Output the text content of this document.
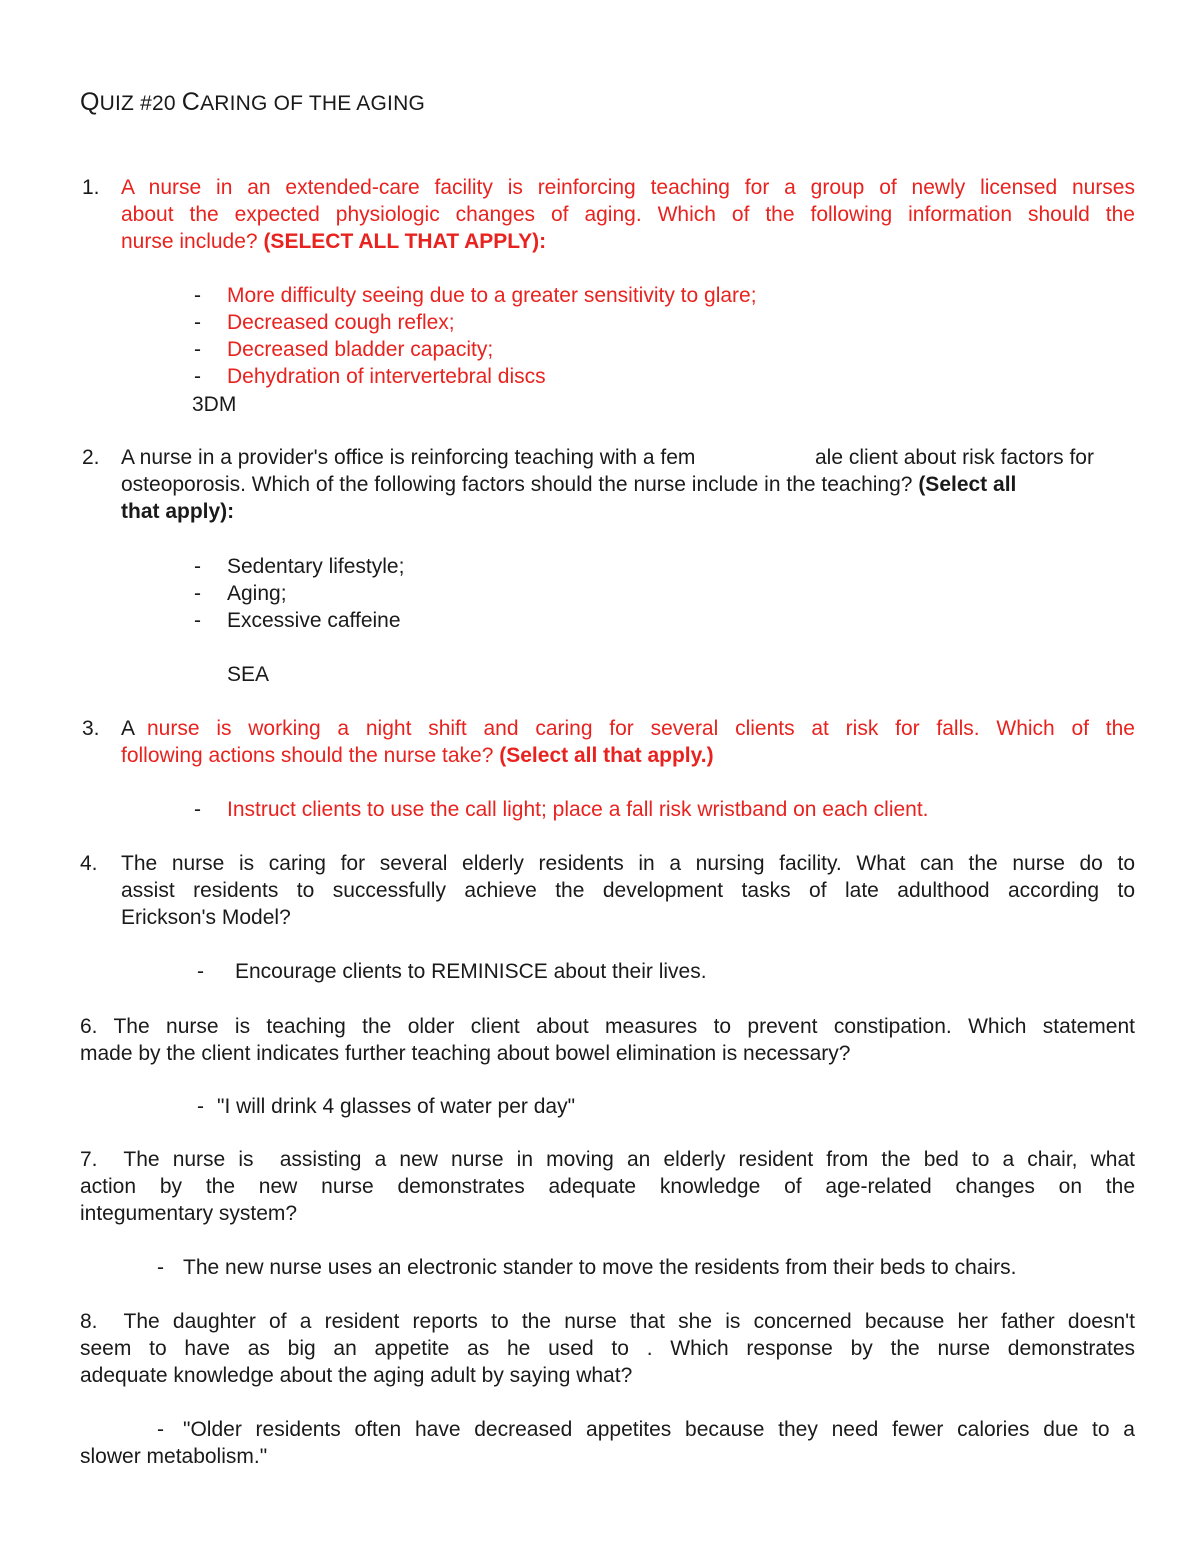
QUIZ #20 CARING OF THE AGING
1. A nurse in an extended-care facility is reinforcing teaching for a group of newly licensed nurses
about the expected physiologic changes of aging. Which of the following information should the
nurse include? (SELECT ALL THAT APPLY):
- More difficulty seeing due to a greater sensitivity to glare;
- Decreased cough reflex;
- Decreased bladder capacity;
- Dehydration of intervertebral discs
3DM
2. A nurse in a provider's office is reinforcing teaching with a fem	ale client about risk factors for
osteoporosis. Which of the following factors should the nurse include in the teaching? (Select all
that apply):
- Sedentary lifestyle;
- Aging;
- Excessive caffeine
SEA
3. A nurse is working a night shift and caring for several clients at risk for falls. Which of the
following actions should the nurse take? (Select all that apply.)
- Instruct clients to use the call light; place a fall risk wristband on each client.
4. The nurse is caring for several elderly residents in a nursing facility. What can the nurse do to
assist residents to successfully achieve the development tasks of late adulthood according to
Erickson's Model?
- Encourage clients to REMINISCE about their lives.
6. The nurse is teaching the older client about measures to prevent constipation. Which statement
made by the client indicates further teaching about bowel elimination is necessary?
- "I will drink 4 glasses of water per day"
7.  The nurse is  assisting a new nurse in moving an elderly resident from the bed to a chair, what
action by the new nurse demonstrates adequate knowledge of age-related changes on the
integumentary system?
- The new nurse uses an electronic stander to move the residents from their beds to chairs.
8.  The daughter of a resident reports to the nurse that she is concerned because her father doesn't
seem to have as big an appetite as he used to . Which response by the nurse demonstrates
adequate knowledge about the aging adult by saying what?
- "Older residents often have decreased appetites because they need fewer calories due to a
slower metabolism."
